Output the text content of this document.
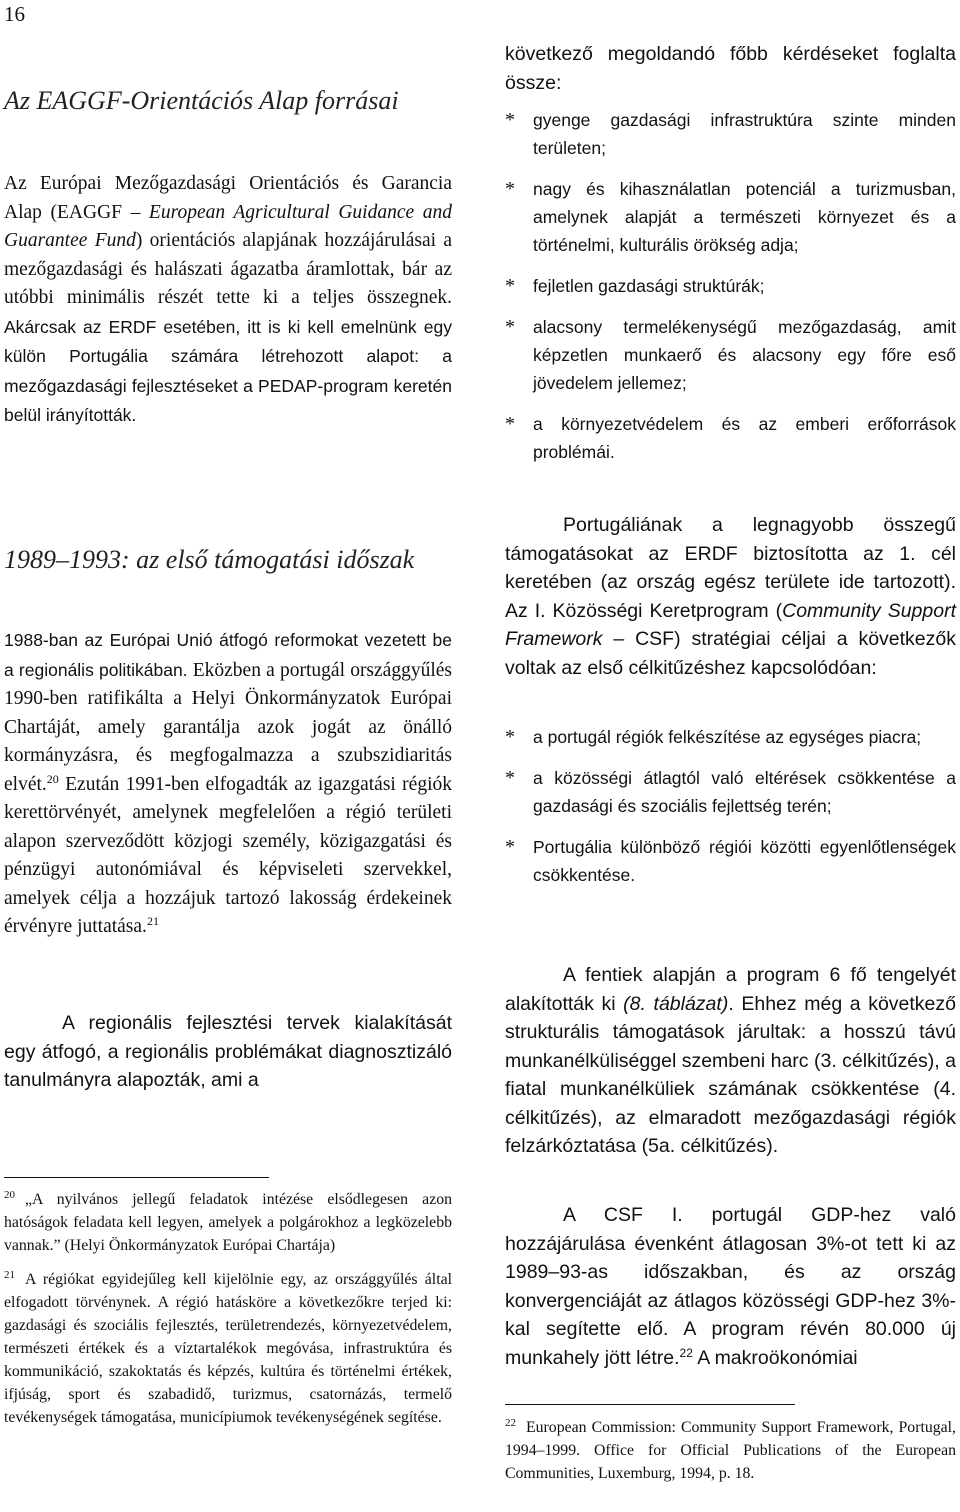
16
Az EAGGF-Orientációs Alap forrásai

Az Európai Mezőgazdasági Orientációs és Garancia Alap (EAGGF – European Agricultural Guidance and Guarantee Fund) orientációs alapjának hozzájárulásai a mezőgazdasági és halászati ágazatba áramlottak, bár az utóbbi minimális részét tette ki a teljes összegnek. Akárcsak az ERDF esetében, itt is ki kell emelnünk egy külön Portugália számára létrehozott alapot: a mezőgazdasági fejlesztéseket a PEDAP-program keretén belül irányították.

1989–1993: az első támogatási időszak

1988-ban az Európai Unió átfogó reformokat vezetett be a regionális politikában. Eközben a portugál országgyűlés 1990-ben ratifikálta a Helyi Önkormányzatok Európai Chartáját, amely garantálja azok jogát az önálló kormányzásra, és megfogalmazza a szubszidiaritás elvét.$^{20}$ Ezután 1991-ben elfogadták az igazgatási régiók kerettörvényét, amelynek megfelelően a régió területi alapon szerveződött közjogi személy, közigazgatási és pénzügyi autonómiával és képviseleti szervekkel, amelyek célja a hozzájuk tartozó lakosság érdekeinek érvényre juttatása.$^{21}$

A regionális fejlesztési tervek kialakítását egy átfogó, a regionális problémákat diagnosztizáló tanulmányra alapozták, ami a

$^{20}$ „A nyilvános jellegű feladatok intézése elsődlegesen azon hatóságok feladata kell legyen, amelyek a polgárokhoz a legközelebb vannak.” (Helyi Önkormányzatok Európai Chartája)

$^{21}$ A régiókat egyidejűleg kell kijelölnie egy, az országgyűlés által elfogadott törvénynek. A régió hatásköre a következőkre terjed ki: gazdasági és szociális fejlesztés, területrendezés, környezetvédelem, természeti értékek és a víztartalékok megóvása, infrastruktúra és kommunikáció, szakoktatás és képzés, kultúra és történelmi értékek, ifjúság, sport és szabadidő, turizmus, csatornázás, termelő tevékenységek támogatása, municípiumok tevékenységének segítése.

következő megoldandó főbb kérdéseket foglalta össze:

* gyenge gazdasági infrastruktúra szinte minden területen;
* nagy és kihasználatlan potenciál a turizmusban, amelynek alapját a természeti környezet és a történelmi, kulturális örökség adja;
* fejletlen gazdasági struktúrák;
* alacsony termelékenységű mezőgazdaság, amit képzetlen munkaerő és alacsony egy főre eső jövedelem jellemez;
* a környezetvédelem és az emberi erőforrások problémái.

Portugáliának a legnagyobb összegű támogatásokat az ERDF biztosította az 1. cél keretében (az ország egész területe ide tartozott). Az I. Közösségi Keretprogram (Community Support Framework – CSF) stratégiai céljai a következők voltak az első célkitűzéshez kapcsolódóan:

* a portugál régiók felkészítése az egységes piacra;
* a közösségi átlagtól való eltérések csökkentése a gazdasági és szociális fejlettség terén;
* Portugália különböző régiói közötti egyenlőtlenségek csökkentése.

A fentiek alapján a program 6 fő tengelyét alakították ki (8. táblázat). Ehhez még a következő strukturális támogatások járultak: a hosszú távú munkanélküliséggel szembeni harc (3. célkitűzés), a fiatal munkanélküliek számának csökkentése (4. célkitűzés), az elmaradott mezőgazdasági régiók felzárkóztatása (5a. célkitűzés).

A CSF I. portugál GDP-hez való hozzájárulása évenként átlagosan 3%-ot tett ki az 1989–93-as időszakban, és az ország konvergenciáját az átlagos közösségi GDP-hez 3%-kal segítette elő. A program révén 80.000 új munkahely jött létre.$^{22}$ A makroökonómiai

$^{22}$ European Commission: Community Support Framework, Portugal, 1994–1999. Office for Official Publications of the European Communities, Luxemburg, 1994, p. 18.
